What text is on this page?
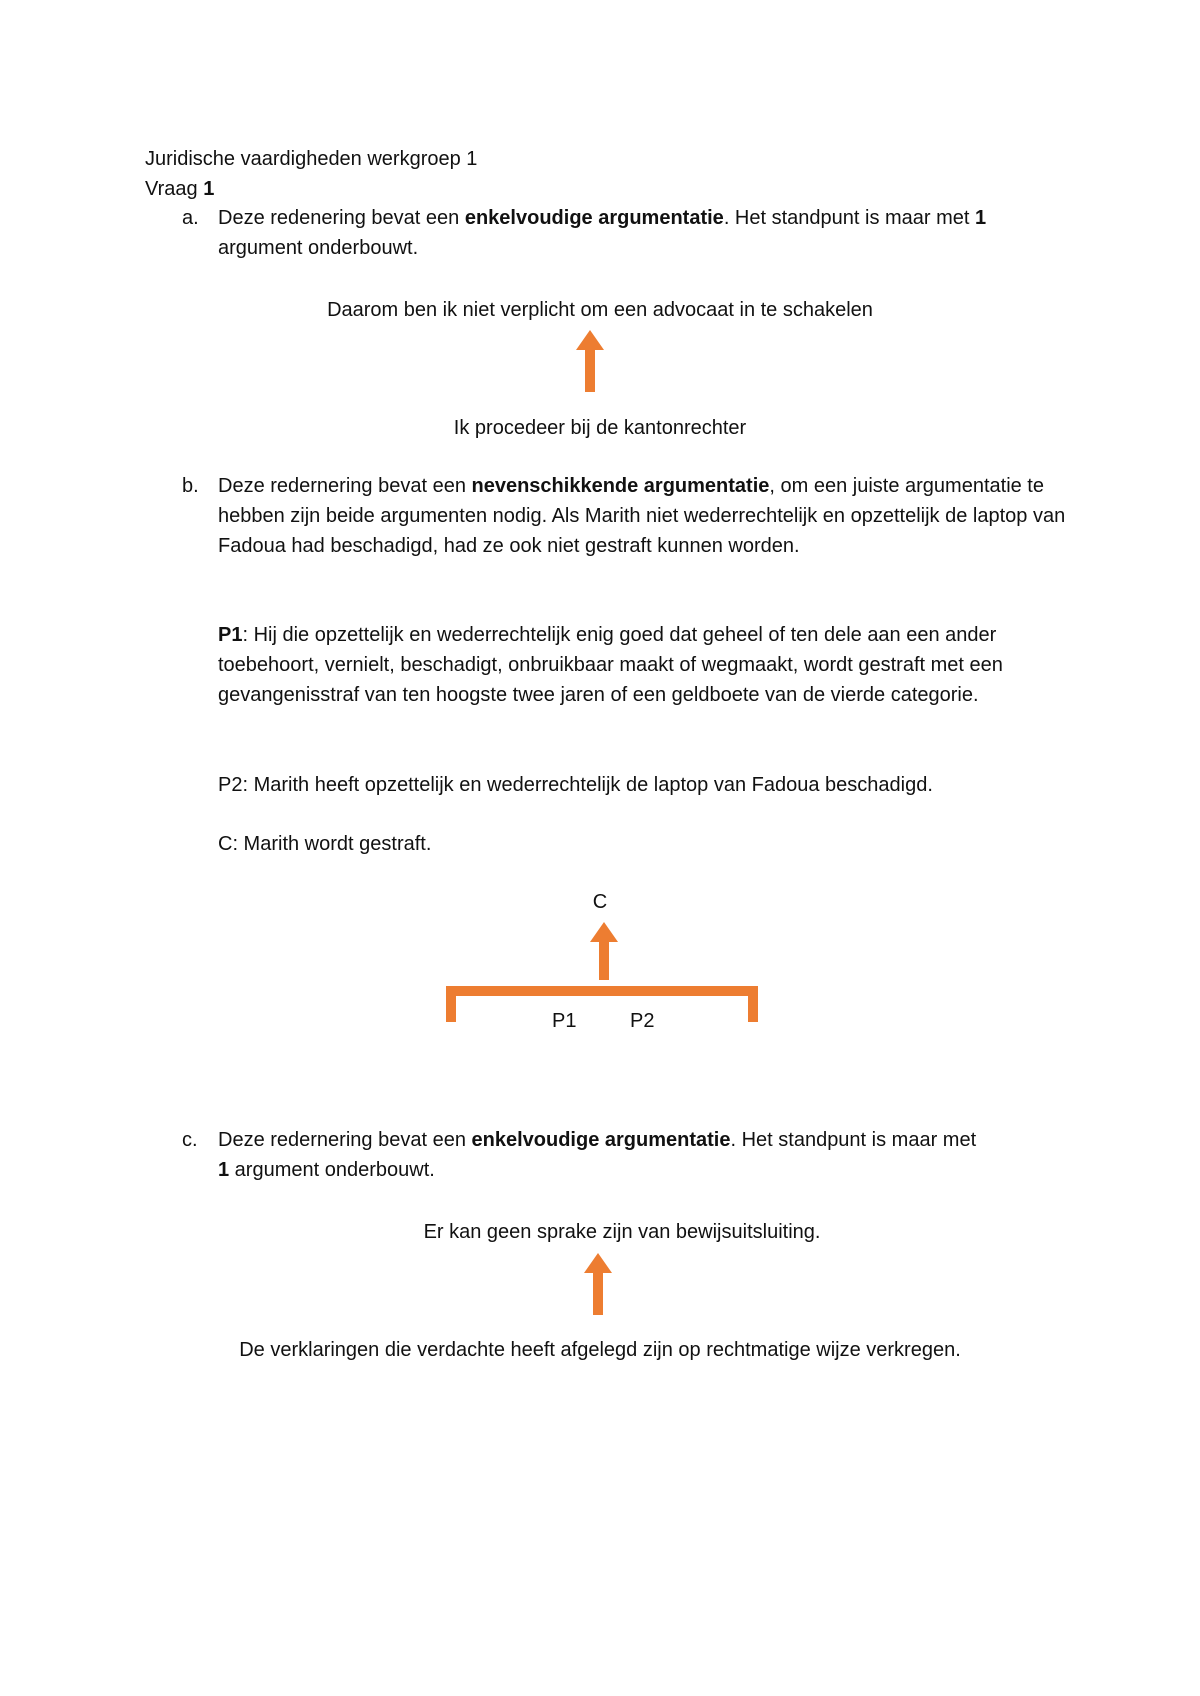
Juridische vaardigheden werkgroep 1

Vraag 1

a. Deze redenering bevat een enkelvoudige argumentatie. Het standpunt is maar met 1
argument onderbouwt.

Daarom ben ik niet verplicht om een advocaat in te schakelen
Ik procedeer bij de kantonrechter
b. Deze redernering bevat een nevenschikkende argumentatie, om een juiste argumentatie te hebben zijn beide argumenten nodig. Als Marith niet wederrechtelijk en opzettelijk de laptop van Fadoua had beschadigd, had ze ook niet gestraft kunnen worden.

P1: Hij die opzettelijk en wederrechtelijk enig goed dat geheel of ten dele aan een ander toebehoort, vernielt, beschadigt, onbruikbaar maakt of wegmaakt, wordt gestraft met een gevangenisstraf van ten hoogste twee jaren of een geldboete van de vierde categorie.

P2: Marith heeft opzettelijk en wederrechtelijk de laptop van Fadoua beschadigd.

C: Marith wordt gestraft.

C
P1	P2
c. Deze redernering bevat een enkelvoudige argumentatie. Het standpunt is maar met
1 argument onderbouwt.

Er kan geen sprake zijn van bewijsuitsluiting.
De verklaringen die verdachte heeft afgelegd zijn op rechtmatige wijze verkregen.
